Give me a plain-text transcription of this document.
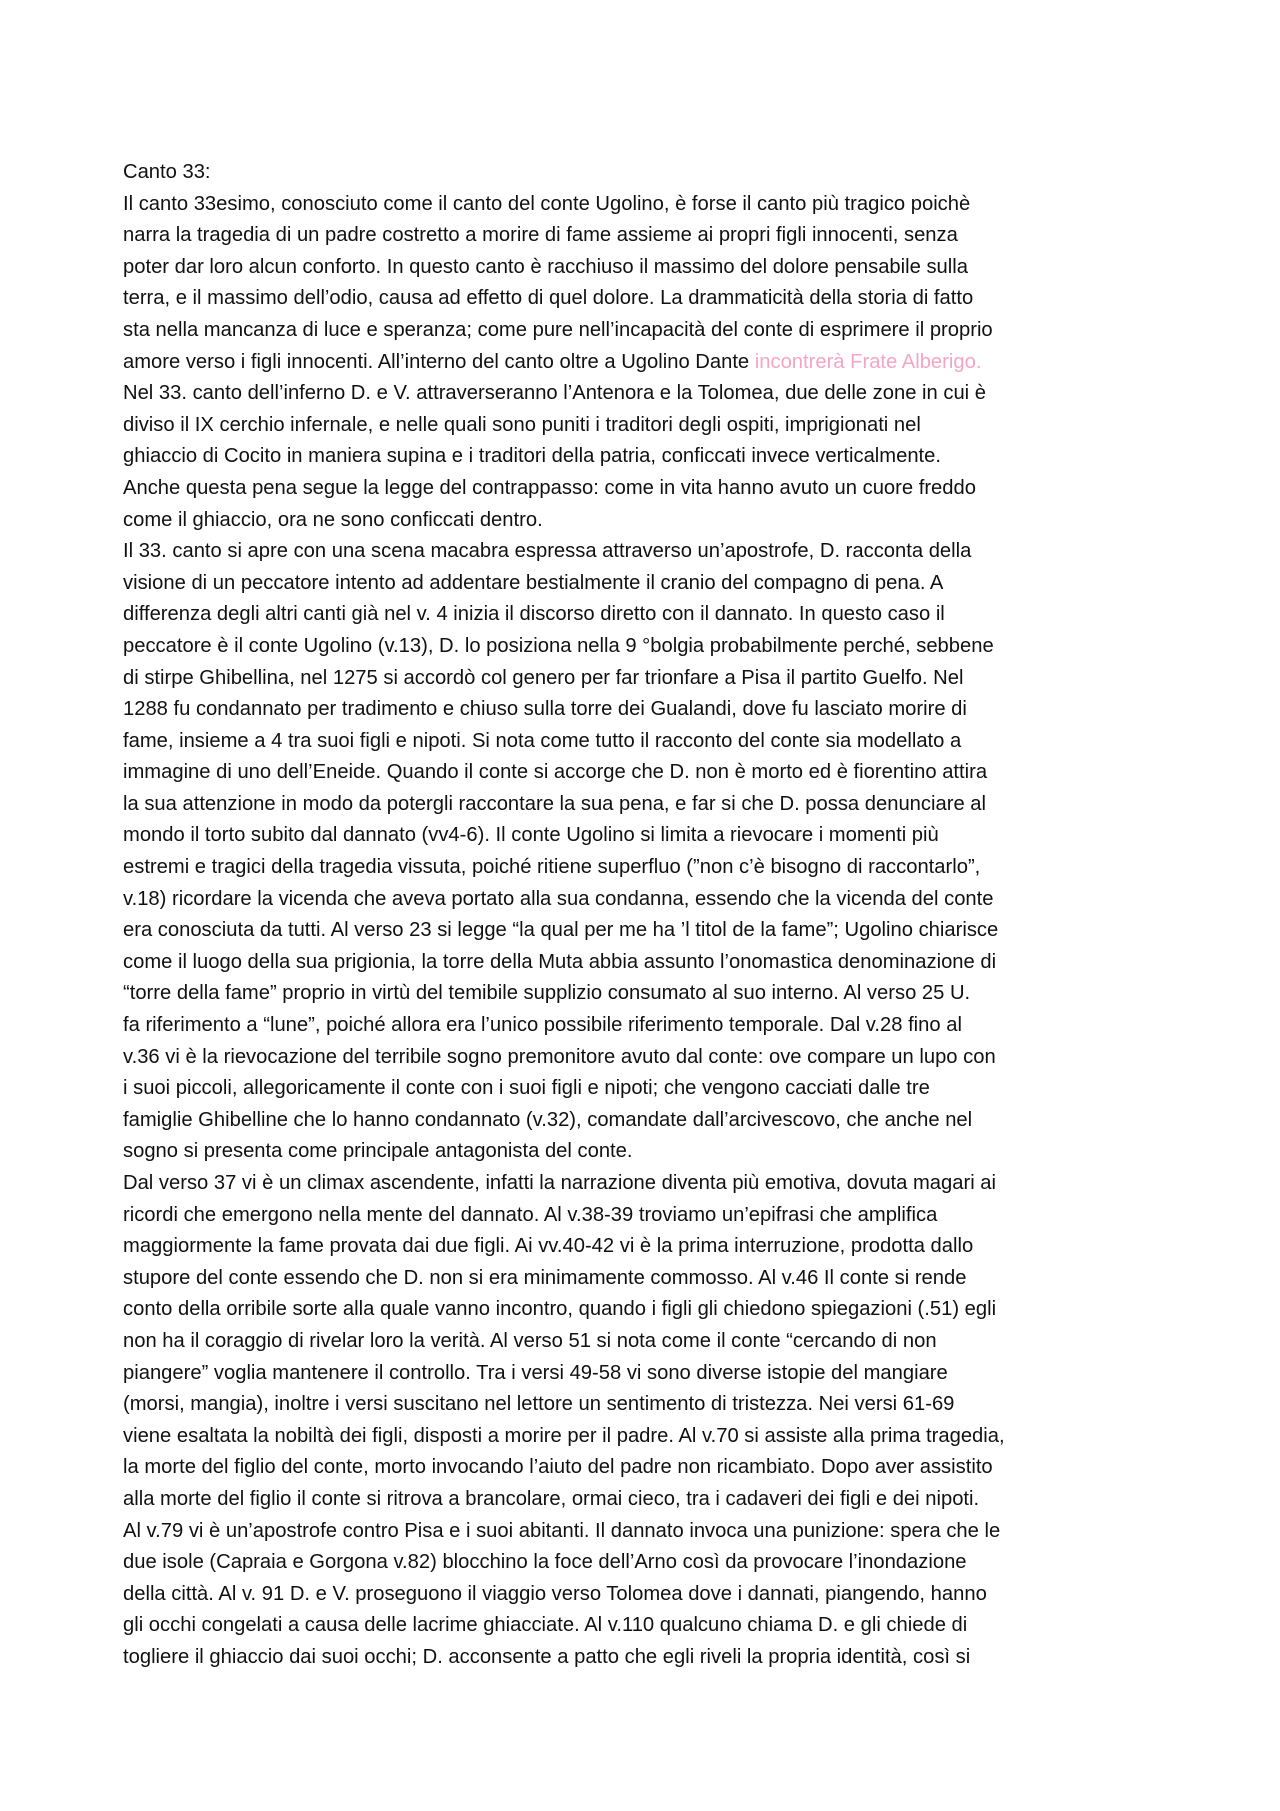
Canto 33:
Il canto 33esimo, conosciuto come il canto del conte Ugolino, è forse il canto più tragico poichè
narra la tragedia di un padre costretto a morire di fame assieme ai propri figli innocenti, senza
poter dar loro alcun conforto. In questo canto è racchiuso il massimo del dolore pensabile sulla
terra, e il massimo dell’odio, causa ad effetto di quel dolore. La drammaticità della storia di fatto
sta nella mancanza di luce e speranza; come pure nell’incapacità del conte di esprimere il proprio
amore verso i figli innocenti. All’interno del canto oltre a Ugolino Dante incontrerà Frate Alberigo.
Nel 33. canto dell’inferno D. e V. attraverseranno l’Antenora e la Tolomea, due delle zone in cui è
diviso il IX cerchio infernale, e nelle quali sono puniti i traditori degli ospiti, imprigionati nel
ghiaccio di Cocito in maniera supina e i traditori della patria, conficcati invece verticalmente.
Anche questa pena segue la legge del contrappasso: come in vita hanno avuto un cuore freddo
come il ghiaccio, ora ne sono conficcati dentro.
Il 33. canto si apre con una scena macabra espressa attraverso un’apostrofe, D. racconta della
visione di un peccatore intento ad addentare bestialmente il cranio del compagno di pena. A
differenza degli altri canti già nel v. 4 inizia il discorso diretto con il dannato. In questo caso il
peccatore è il conte Ugolino (v.13), D. lo posiziona nella 9 °bolgia probabilmente perché, sebbene
di stirpe Ghibellina, nel 1275 si accordò col genero per far trionfare a Pisa il partito Guelfo. Nel
1288 fu condannato per tradimento e chiuso sulla torre dei Gualandi, dove fu lasciato morire di
fame, insieme a 4 tra suoi figli e nipoti. Si nota come tutto il racconto del conte sia modellato a
immagine di uno dell’Eneide. Quando il conte si accorge che D. non è morto ed è fiorentino attira
la sua attenzione in modo da potergli raccontare la sua pena, e far si che D. possa denunciare al
mondo il torto subito dal dannato (vv4-6). Il conte Ugolino si limita a rievocare i momenti più
estremi e tragici della tragedia vissuta, poiché ritiene superfluo (”non c’è bisogno di raccontarlo”,
v.18) ricordare la vicenda che aveva portato alla sua condanna, essendo che la vicenda del conte
era conosciuta da tutti. Al verso 23 si legge “la qual per me ha ’l titol de la fame”; Ugolino chiarisce
come il luogo della sua prigionia, la torre della Muta abbia assunto l’onomastica denominazione di
“torre della fame” proprio in virtù del temibile supplizio consumato al suo interno. Al verso 25 U.
fa riferimento a “lune”, poiché allora era l’unico possibile riferimento temporale. Dal v.28 fino al
v.36 vi è la rievocazione del terribile sogno premonitore avuto dal conte: ove compare un lupo con
i suoi piccoli, allegoricamente il conte con i suoi figli e nipoti; che vengono cacciati dalle tre
famiglie Ghibelline che lo hanno condannato (v.32), comandate dall’arcivescovo, che anche nel
sogno si presenta come principale antagonista del conte.
Dal verso 37 vi è un climax ascendente, infatti la narrazione diventa più emotiva, dovuta magari ai
ricordi che emergono nella mente del dannato. Al v.38-39 troviamo un’epifrasi che amplifica
maggiormente la fame provata dai due figli. Ai vv.40-42 vi è la prima interruzione, prodotta dallo
stupore del conte essendo che D. non si era minimamente commosso. Al v.46 Il conte si rende
conto della orribile sorte alla quale vanno incontro, quando i figli gli chiedono spiegazioni (.51) egli
non ha il coraggio di rivelar loro la verità. Al verso 51 si nota come il conte “cercando di non
piangere” voglia mantenere il controllo. Tra i versi 49-58 vi sono diverse istopie del mangiare
(morsi, mangia), inoltre i versi suscitano nel lettore un sentimento di tristezza. Nei versi 61-69
viene esaltata la nobiltà dei figli, disposti a morire per il padre. Al v.70 si assiste alla prima tragedia,
la morte del figlio del conte, morto invocando l’aiuto del padre non ricambiato. Dopo aver assistito
alla morte del figlio il conte si ritrova a brancolare, ormai cieco, tra i cadaveri dei figli e dei nipoti.
Al v.79 vi è un’apostrofe contro Pisa e i suoi abitanti. Il dannato invoca una punizione: spera che le
due isole (Capraia e Gorgona v.82) blocchino la foce dell’Arno così da provocare l’inondazione
della città. Al v. 91 D. e V. proseguono il viaggio verso Tolomea dove i dannati, piangendo, hanno
gli occhi congelati a causa delle lacrime ghiacciate. Al v.110 qualcuno chiama D. e gli chiede di
togliere il ghiaccio dai suoi occhi; D. acconsente a patto che egli riveli la propria identità, così si
